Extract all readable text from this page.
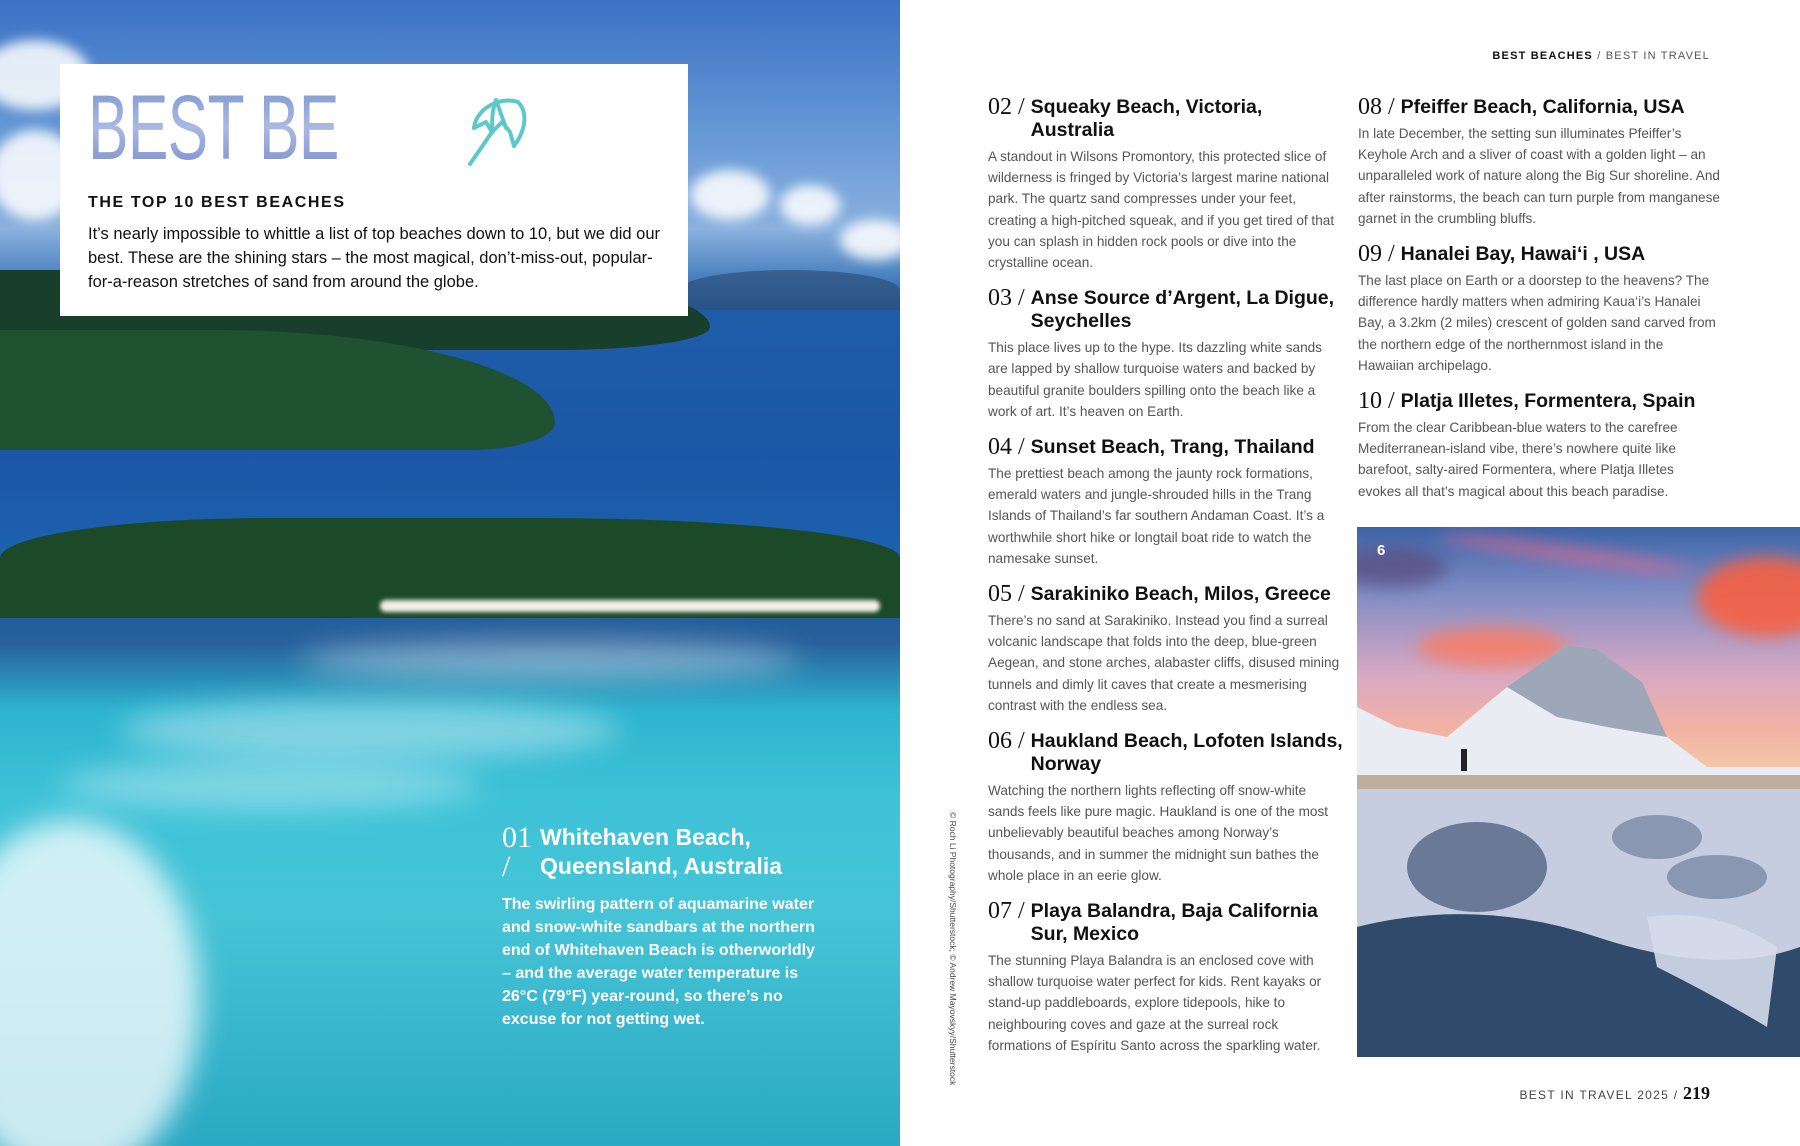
BEST BEACHES
THE TOP 10 BEST BEACHES

It’s nearly impossible to whittle a list of top beaches down to 10, but we did our best. These are the shining stars – the most magical, don’t-miss-out, popular-for-a-reason stretches of sand from around the globe.

01 /
Whitehaven Beach, Queensland, Australia

The swirling pattern of aquamarine water and snow-white sandbars at the northern end of Whitehaven Beach is otherworldly – and the average water temperature is 26°C (79°F) year-round, so there’s no excuse for not getting wet.	© Roch Li Photography/Shutterstock; © Andrew Mayovskyy/Shutterstock
BEST BEACHES / BEST IN TRAVEL
02 / Squeaky Beach, Victoria, Australia

A standout in Wilsons Promontory, this protected slice of wilderness is fringed by Victoria’s largest marine national park. The quartz sand compresses under your feet, creating a high-pitched squeak, and if you get tired of that you can splash in hidden rock pools or dive into the crystalline ocean.

03 / Anse Source d’Argent, La Digue, Seychelles

This place lives up to the hype. Its dazzling white sands are lapped by shallow turquoise waters and backed by beautiful granite boulders spilling onto the beach like a work of art. It’s heaven on Earth.

04 / Sunset Beach, Trang, Thailand

The prettiest beach among the jaunty rock formations, emerald waters and jungle-shrouded hills in the Trang Islands of Thailand’s far southern Andaman Coast. It’s a worthwhile short hike or longtail boat ride to watch the namesake sunset.

05 / Sarakiniko Beach, Milos, Greece

There’s no sand at Sarakiniko. Instead you find a surreal volcanic landscape that folds into the deep, blue-green Aegean, and stone arches, alabaster cliffs, disused mining tunnels and dimly lit caves that create a mesmerising contrast with the endless sea.

06 / Haukland Beach, Lofoten Islands, Norway

Watching the northern lights reflecting off snow-white sands feels like pure magic. Haukland is one of the most unbelievably beautiful beaches among Norway’s thousands, and in summer the midnight sun bathes the whole place in an eerie glow.

07 / Playa Balandra, Baja California Sur, Mexico

The stunning Playa Balandra is an enclosed cove with shallow turquoise water perfect for kids. Rent kayaks or stand-up paddleboards, explore tidepools, hike to neighbouring coves and gaze at the surreal rock formations of Espíritu Santo across the sparkling water.

08 / Pfeiffer Beach, California, USA

In late December, the setting sun illuminates Pfeiffer’s Keyhole Arch and a sliver of coast with a golden light – an unparalleled work of nature along the Big Sur shoreline. And after rainstorms, the beach can turn purple from manganese garnet in the crumbling bluffs.

09 / Hanalei Bay, Hawai‘i , USA

The last place on Earth or a doorstep to the heavens? The difference hardly matters when admiring Kaua‘i’s Hanalei Bay, a 3.2km (2 miles) crescent of golden sand carved from the northern edge of the northernmost island in the Hawaiian archipelago.

10 / Platja Illetes, Formentera, Spain

From the clear Caribbean-blue waters to the carefree Mediterranean-island vibe, there’s nowhere quite like barefoot, salty-aired Formentera, where Platja Illetes evokes all that’s magical about this beach paradise.

6
BEST IN TRAVEL 2025 / 219
